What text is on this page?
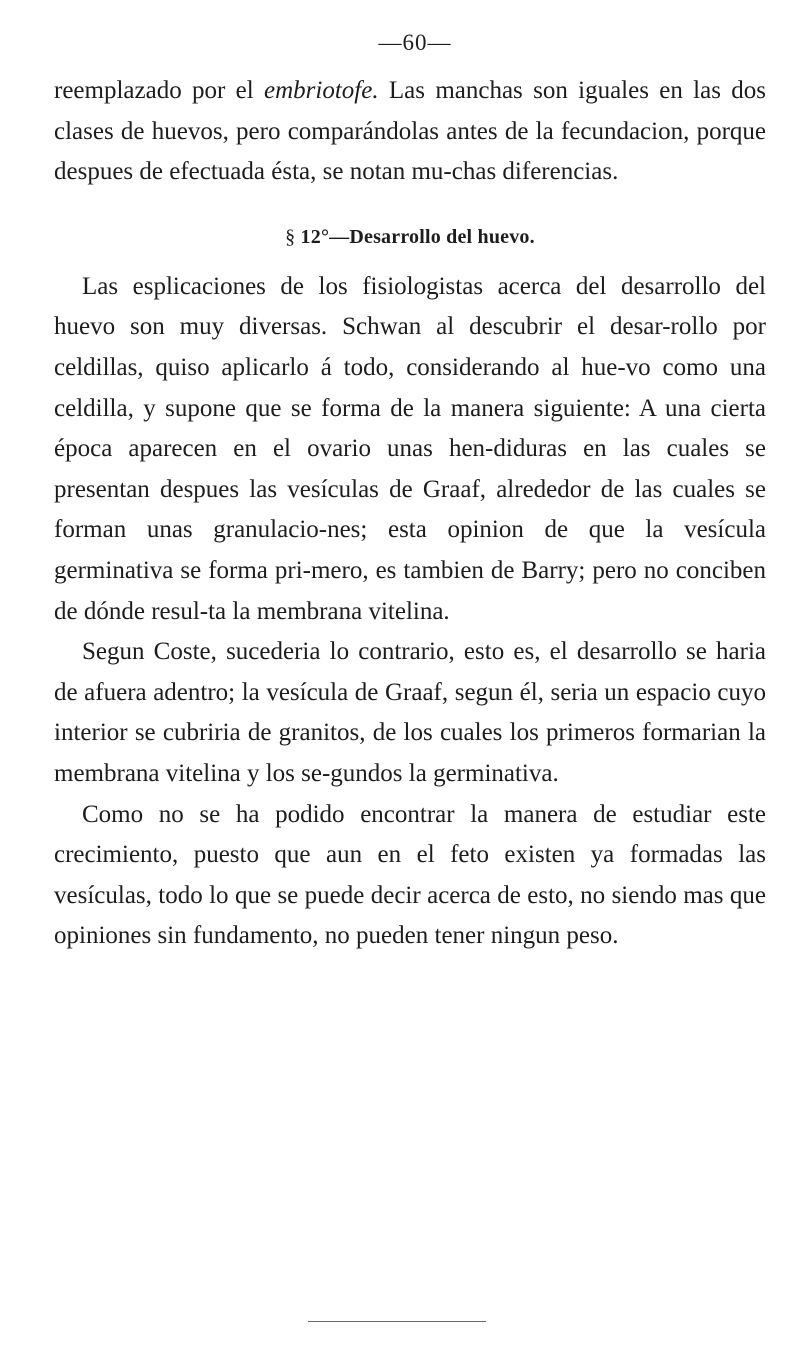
—60—

reemplazado por el embriotofe. Las manchas son iguales en las dos clases de huevos, pero comparándolas antes de la fecundacion, porque despues de efectuada ésta, se notan mu-chas diferencias.

§ 12°—Desarrollo del huevo.

Las esplicaciones de los fisiologistas acerca del desarrollo del huevo son muy diversas. Schwan al descubrir el desar-rollo por celdillas, quiso aplicarlo á todo, considerando al hue-vo como una celdilla, y supone que se forma de la manera siguiente: A una cierta época aparecen en el ovario unas hen-diduras en las cuales se presentan despues las vesículas de Graaf, alrededor de las cuales se forman unas granulacio-nes; esta opinion de que la vesícula germinativa se forma pri-mero, es tambien de Barry; pero no conciben de dónde resul-ta la membrana vitelina.

Segun Coste, sucederia lo contrario, esto es, el desarrollo se haria de afuera adentro; la vesícula de Graaf, segun él, seria un espacio cuyo interior se cubriria de granitos, de los cuales los primeros formarian la membrana vitelina y los se-gundos la germinativa.

Como no se ha podido encontrar la manera de estudiar este crecimiento, puesto que aun en el feto existen ya formadas las vesículas, todo lo que se puede decir acerca de esto, no siendo mas que opiniones sin fundamento, no pueden tener ningun peso.
